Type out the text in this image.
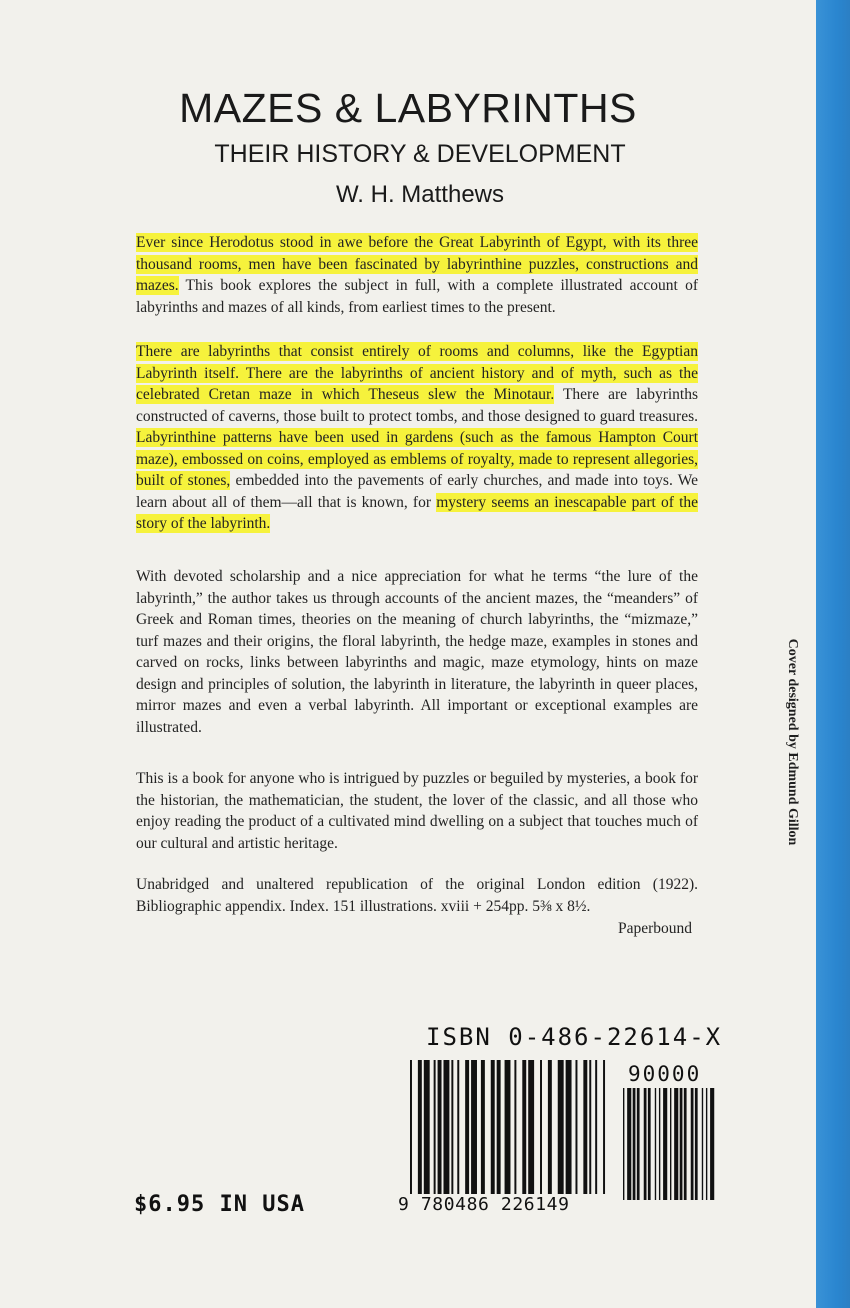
MAZES & LABYRINTHS
THEIR HISTORY & DEVELOPMENT
W. H. Matthews
Ever since Herodotus stood in awe before the Great Labyrinth of Egypt, with its three thousand rooms, men have been fascinated by labyrinthine puzzles, constructions and mazes. This book explores the subject in full, with a complete illustrated account of labyrinths and mazes of all kinds, from earliest times to the present.
There are labyrinths that consist entirely of rooms and columns, like the Egyptian Labyrinth itself. There are the labyrinths of ancient history and of myth, such as the celebrated Cretan maze in which Theseus slew the Minotaur. There are labyrinths constructed of caverns, those built to protect tombs, and those designed to guard treasures. Labyrinthine patterns have been used in gardens (such as the famous Hampton Court maze), embossed on coins, employed as emblems of royalty, made to represent allegories, built of stones, embedded into the pavements of early churches, and made into toys. We learn about all of them—all that is known, for mystery seems an inescapable part of the story of the labyrinth.
With devoted scholarship and a nice appreciation for what he terms “the lure of the labyrinth,” the author takes us through accounts of the ancient mazes, the “meanders” of Greek and Roman times, theories on the meaning of church labyrinths, the “mizmaze,” turf mazes and their origins, the floral labyrinth, the hedge maze, examples in stones and carved on rocks, links between labyrinths and magic, maze etymology, hints on maze design and principles of solution, the labyrinth in literature, the labyrinth in queer places, mirror mazes and even a verbal labyrinth. All important or exceptional examples are illustrated.
This is a book for anyone who is intrigued by puzzles or beguiled by mysteries, a book for the historian, the mathematician, the student, the lover of the classic, and all those who enjoy reading the product of a cultivated mind dwelling on a subject that touches much of our cultural and artistic heritage.
Unabridged and unaltered republication of the original London edition (1922). Bibliographic appendix. Index. 151 illustrations. xviii + 254pp. 5⅜ x 8½.
Paperbound
Cover designed by Edmund Gillon
ISBN 0-486-22614-X
90000
9 780486 226149
$6.95 IN USA
